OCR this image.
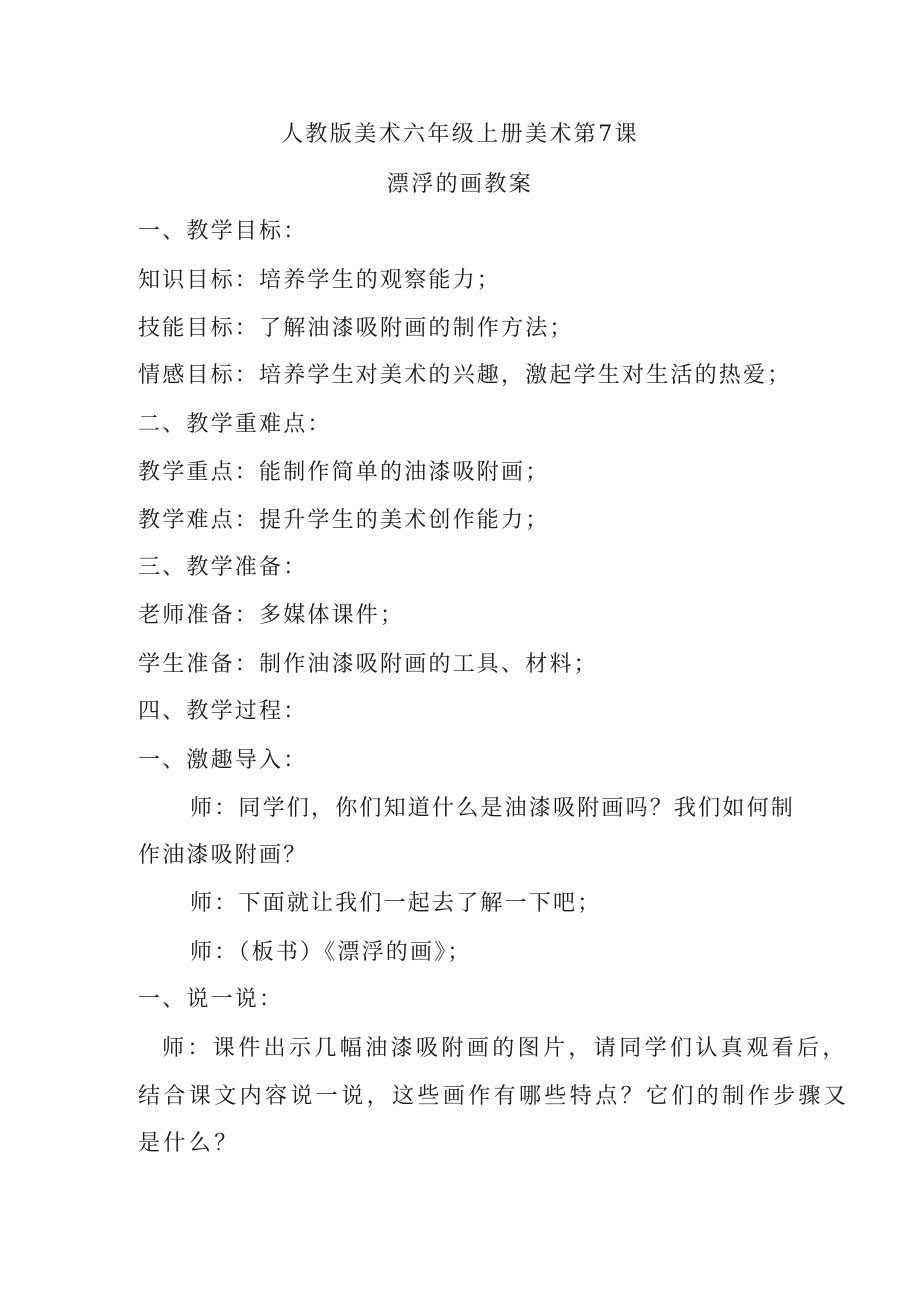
人教版美术六年级上册美术第7课
漂浮的画教案
一、教学目标：
知识目标：培养学生的观察能力；
技能目标：了解油漆吸附画的制作方法；
情感目标：培养学生对美术的兴趣，激起学生对生活的热爱；
二、教学重难点：
教学重点：能制作简单的油漆吸附画；
教学难点：提升学生的美术创作能力；
三、教学准备：
老师准备：多媒体课件；
学生准备：制作油漆吸附画的工具、材料；
四、教学过程：
一、激趣导入：
师：同学们，你们知道什么是油漆吸附画吗？我们如何制
作油漆吸附画？
师：下面就让我们一起去了解一下吧；
师：（板书）《漂浮的画》；
一、说一说：
师：课件出示几幅油漆吸附画的图片，请同学们认真观看后，
结合课文内容说一说，这些画作有哪些特点？它们的制作步骤又
是什么？
